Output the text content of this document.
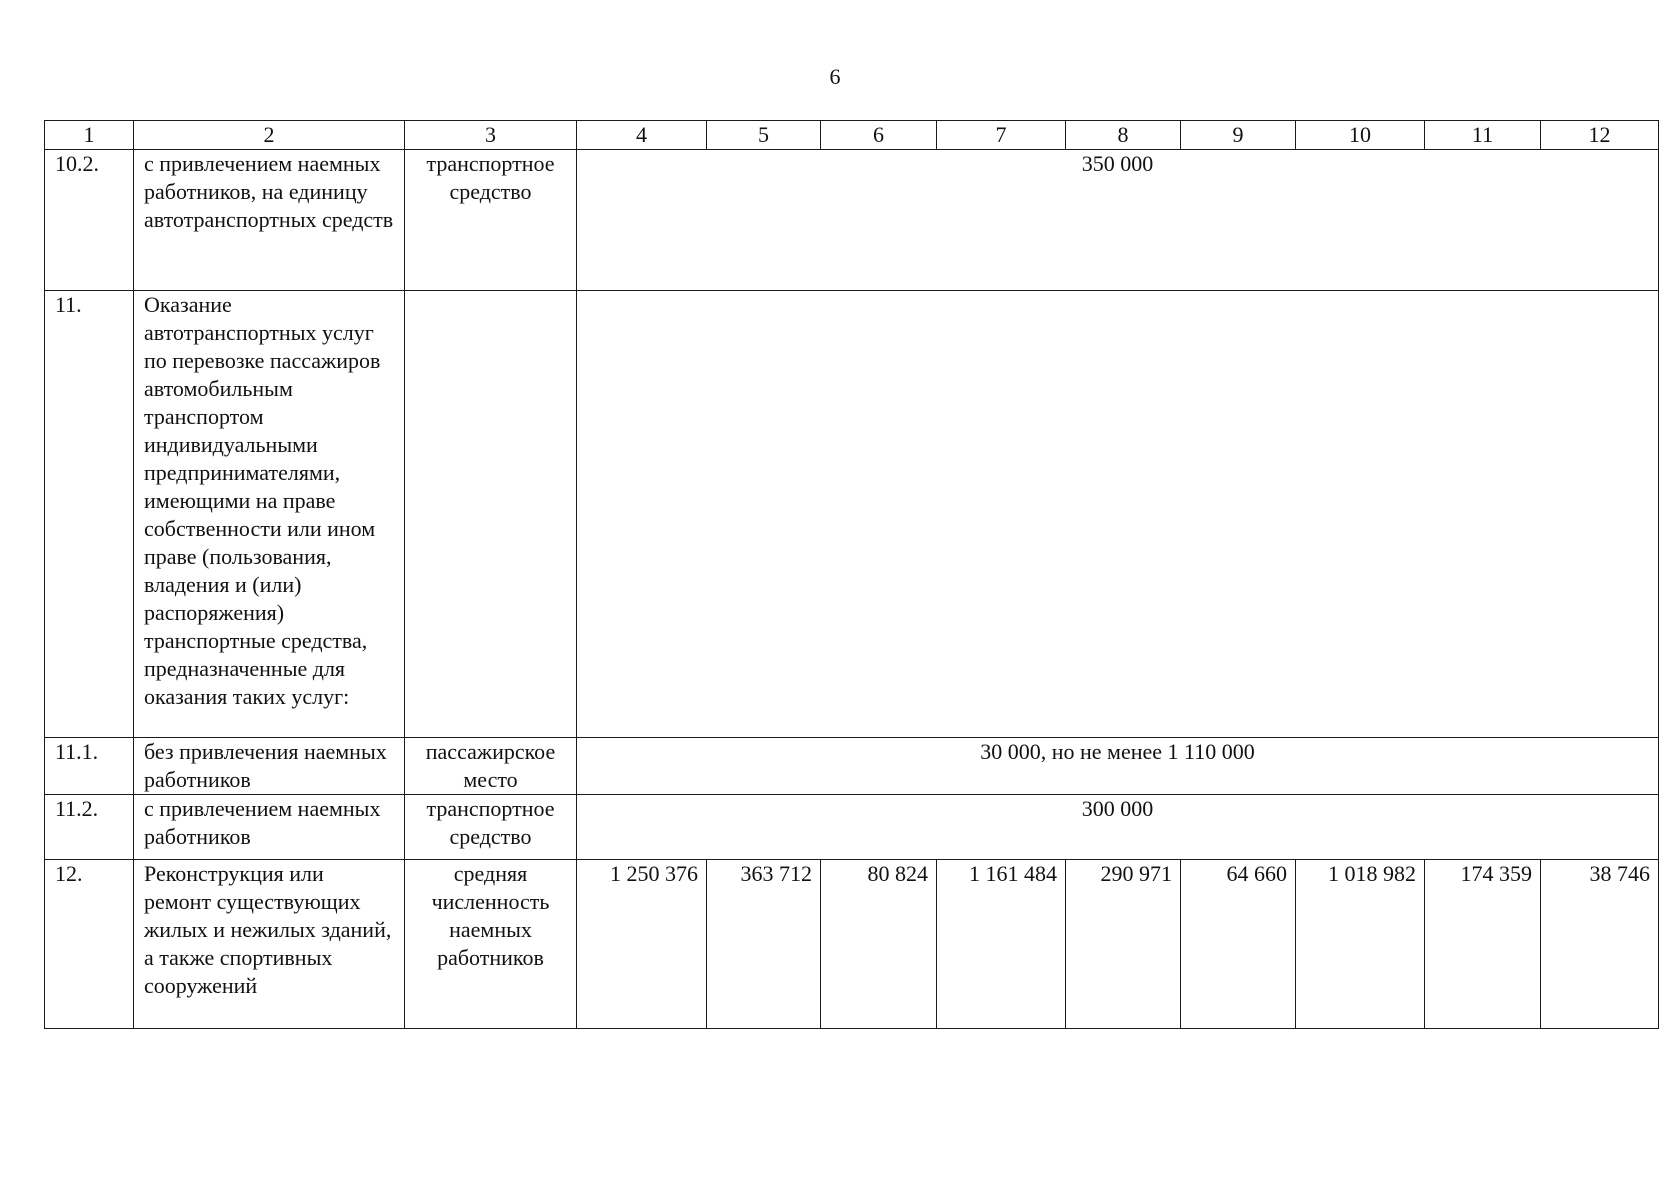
6
1	2	3	4	5	6	7	8	9	10	11	12
10.2.	с привлечением наемных работников, на единицу автотранспортных средств	транспортное средство	350 000								
11.	Оказание автотранспортных услуг по перевозке пассажиров автомобильным транспортом индивидуальными предпринимателями, имеющими на праве собственности или ином праве (пользования, владения и (или) распоряжения) транспортные средства, предназначенные для оказания таких услуг:										
11.1.	без привлечения наемных работников	пассажирское место	30 000, но не менее 1 110 000								
11.2.	с привлечением наемных работников	транспортное средство	300 000								
12.	Реконструкция или ремонт существующих жилых и нежилых зданий, а также спортивных сооружений	средняя численность наемных работников	1 250 376	363 712	80 824	1 161 484	290 971	64 660	1 018 982	174 359	38 746
